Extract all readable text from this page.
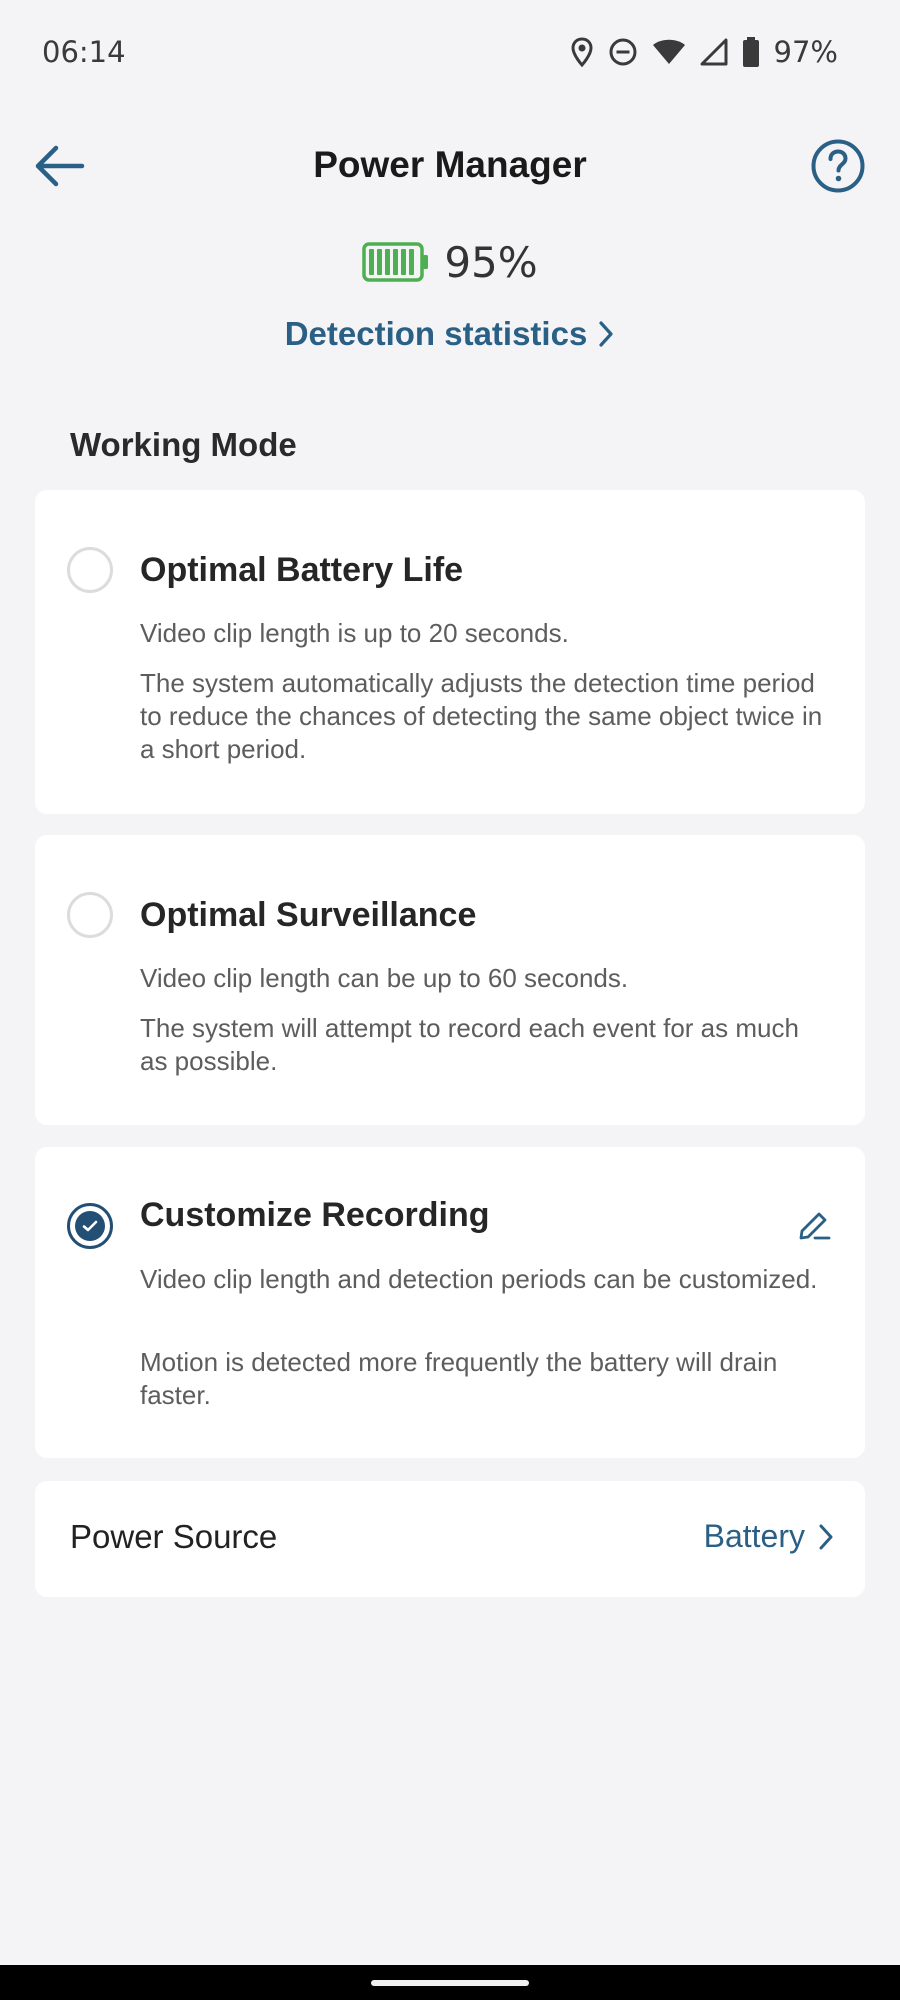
06:14	97%
Power Manager
95%
Detection statistics
Working Mode
Optimal Battery Life
Video clip length is up to 20 seconds.
The system automatically adjusts the detection time period to reduce the chances of detecting the same object twice in a short period.
Optimal Surveillance
Video clip length can be up to 60 seconds.
The system will attempt to record each event for as much as possible.
Customize Recording
Video clip length and detection periods can be customized.
Motion is detected more frequently the battery will drain faster.
Power Source	Battery
